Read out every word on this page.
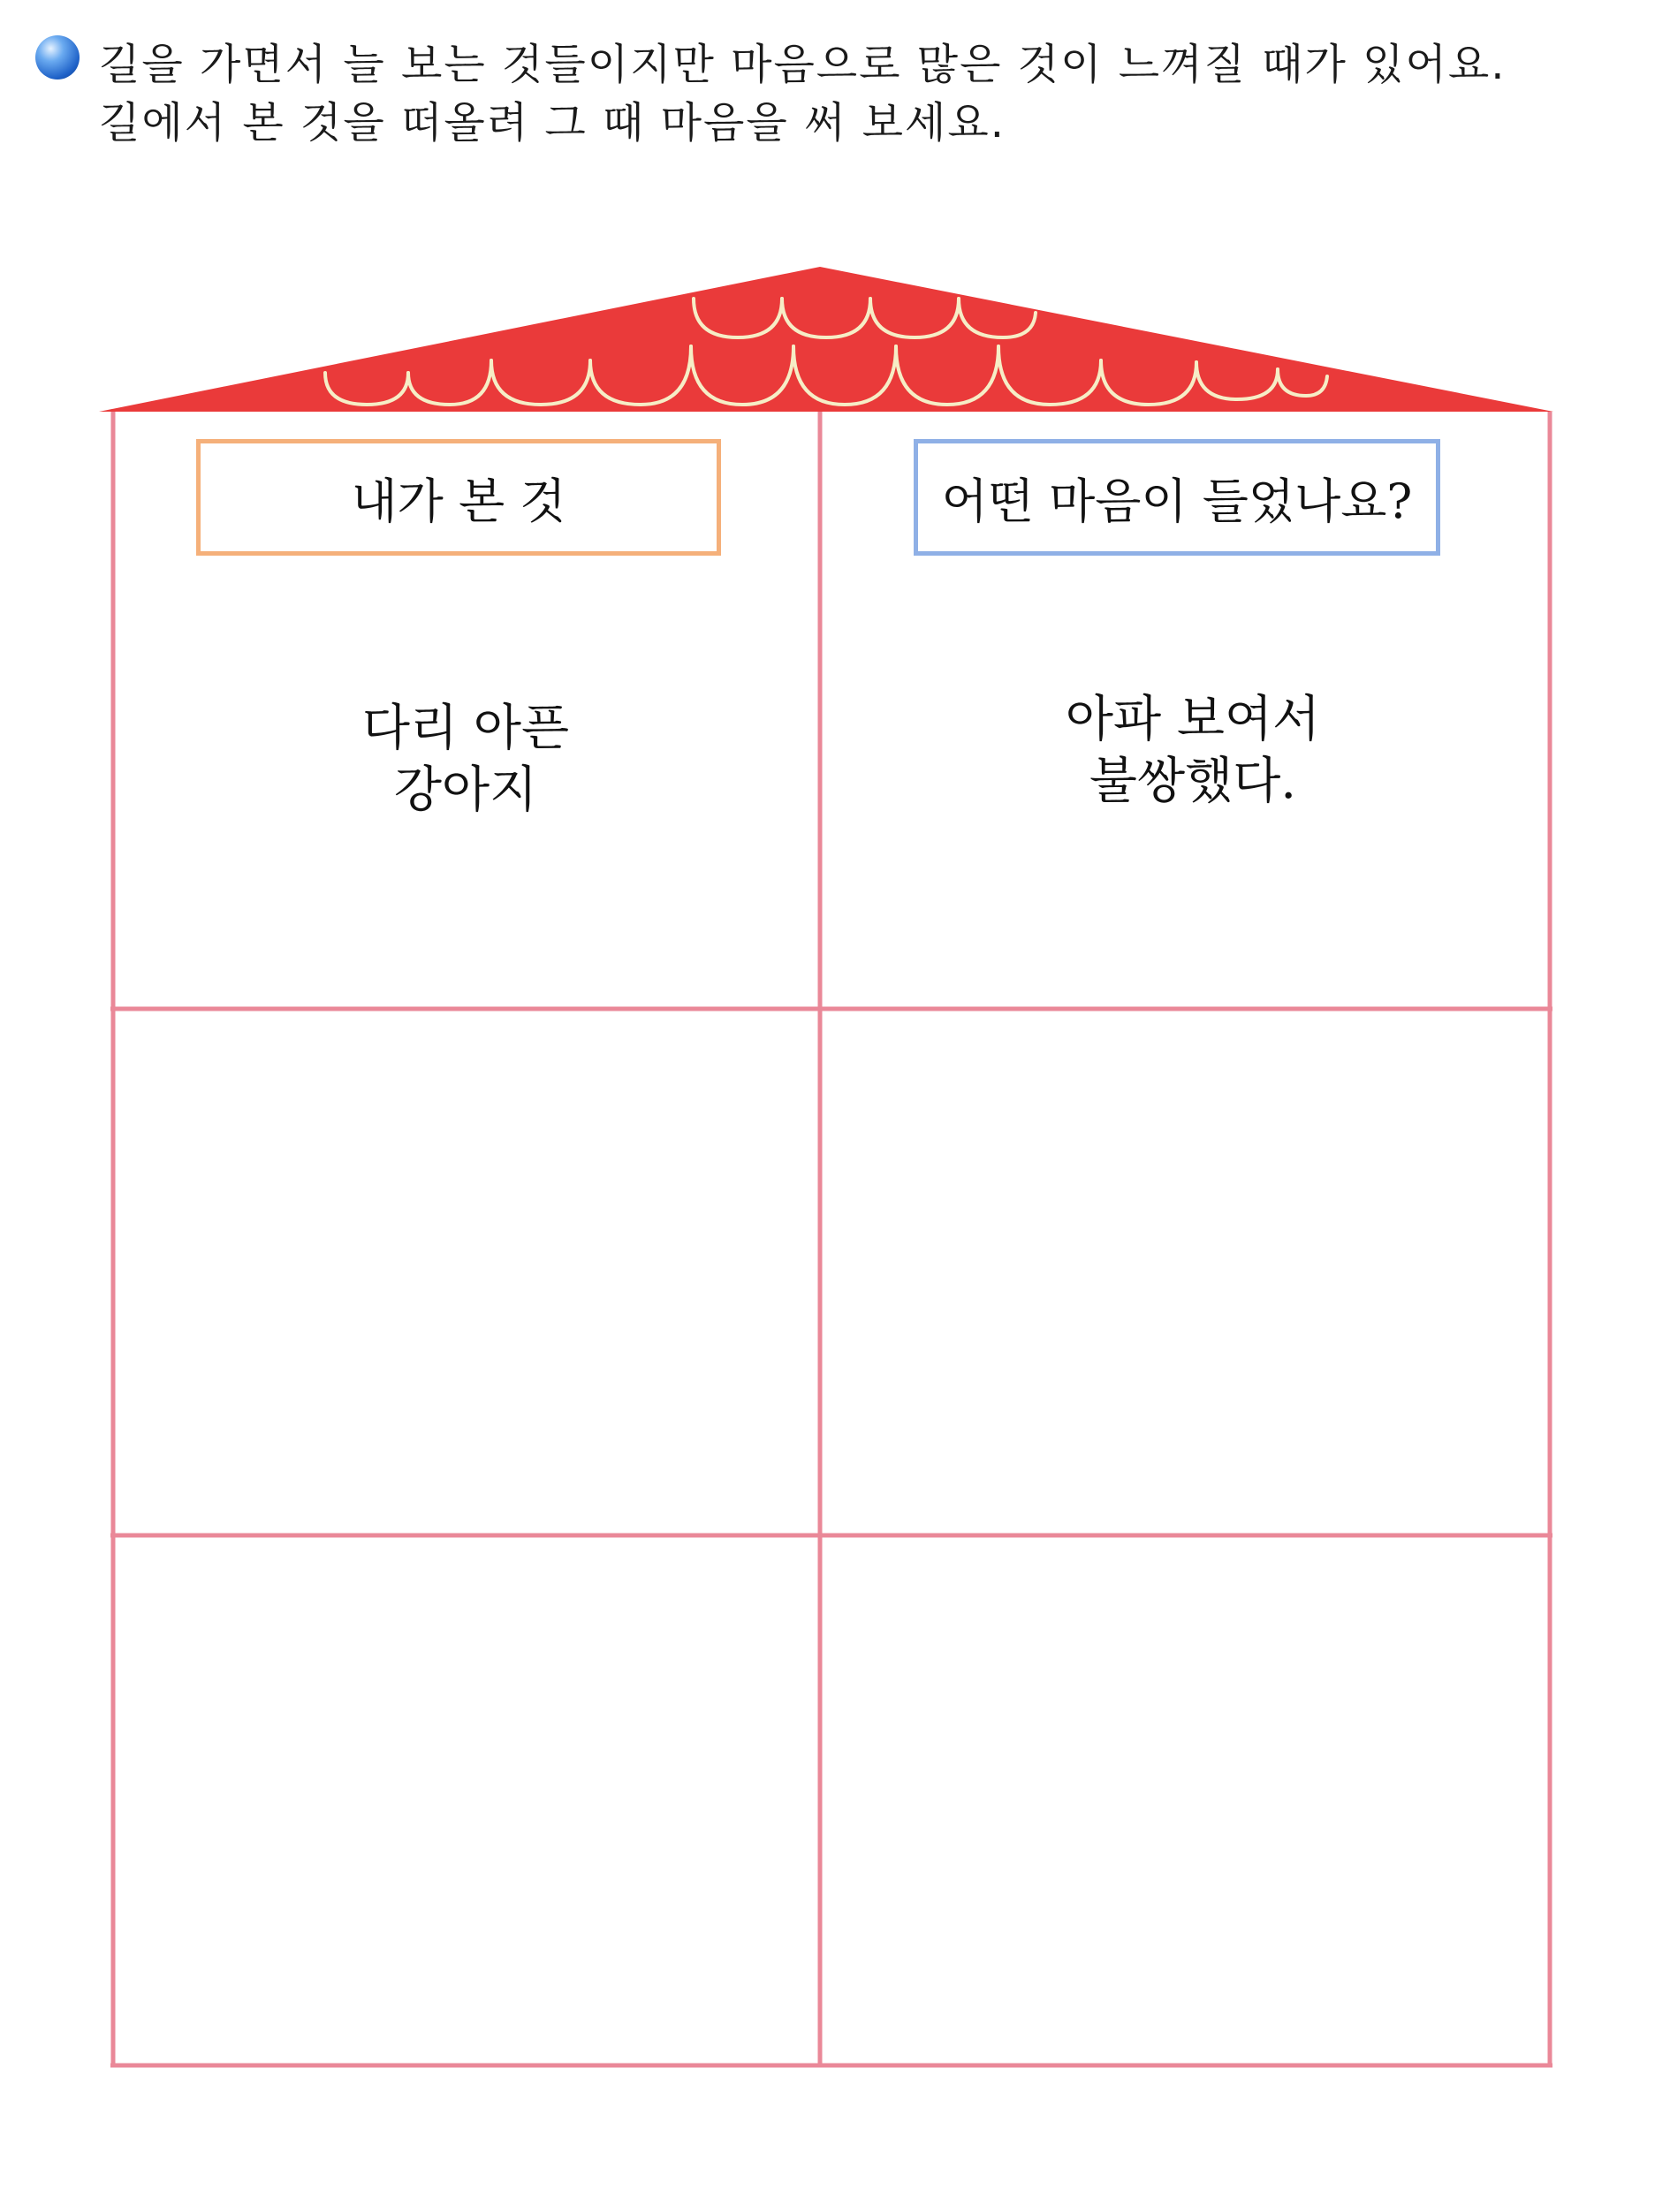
길을 가면서 늘 보는 것들이지만 마음으로 많은 것이 느껴질 때가 있어요.
길에서 본 것을 떠올려 그 때 마음을 써 보세요.
내가 본 것	어떤 마음이 들었나요?
다리 아픈
강아지
아파 보여서
불쌍했다.
